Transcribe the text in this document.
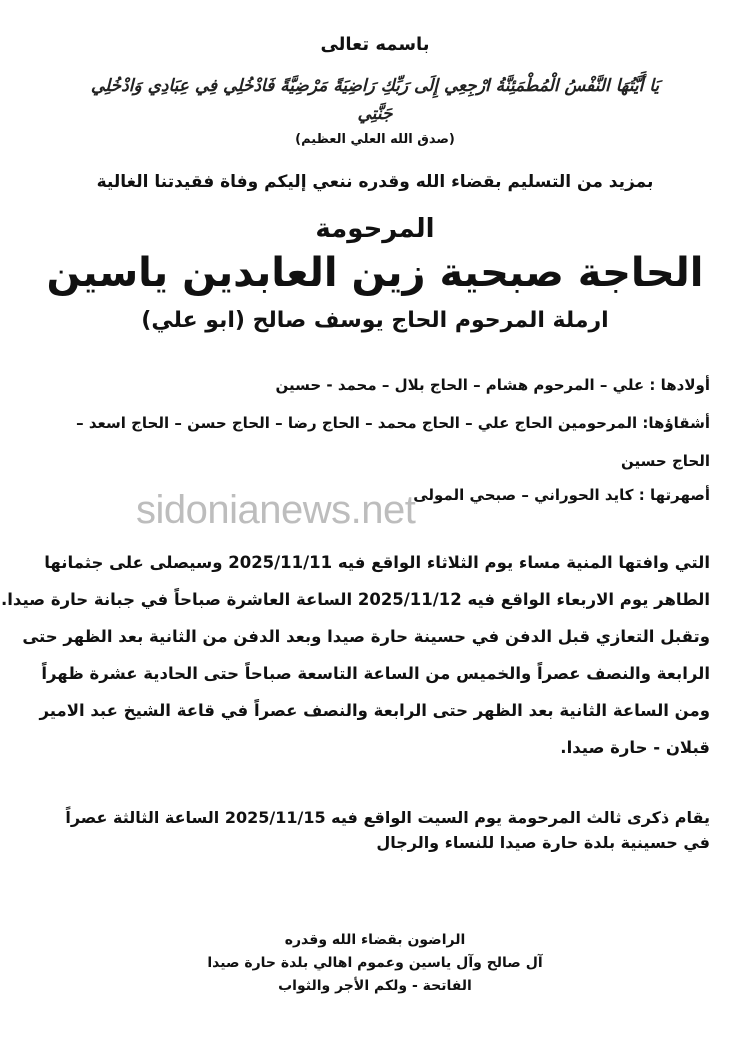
باسمه تعالى
يَا أَيَّتُهَا النَّفْسُ الْمُطْمَئِنَّةُ ارْجِعِي إِلَى رَبِّكِ رَاضِيَةً مَرْضِيَّةً فَادْخُلِي فِي عِبَادِي وَادْخُلِي
جَنَّتِي
(صدق الله العلي العظيم)
بمزيد من التسليم بقضاء الله وقدره ننعي إليكم وفاة فقيدتنا الغالية
المرحومة
الحاجة صبحية زين العابدين ياسين
ارملة المرحوم الحاج يوسف صالح (ابو علي)
أولادها : علي – المرحوم هشام – الحاج بلال – محمد - حسين
أشقاؤها: المرحومين الحاج علي – الحاج محمد – الحاج رضا – الحاج حسن – الحاج اسعد –
الحاج حسين
أصهرتها : كايد الحوراني – صبحي المولى
sidonianews.net
التي وافتها المنية مساء يوم الثلاثاء الواقع فيه 2025/11/11 وسيصلى على جثمانها
الطاهر يوم الاربعاء الواقع فيه 2025/11/12 الساعة العاشرة صباحاً في جبانة حارة صيدا.
وتقبل التعازي قبل الدفن في حسينة حارة صيدا وبعد الدفن من الثانية بعد الظهر حتى
الرابعة والنصف عصراً والخميس من الساعة التاسعة صباحاً حتى الحادية عشرة ظهراً
ومن الساعة الثانية بعد الظهر حتى الرابعة والنصف عصراً في قاعة الشيخ عبد الامير
قبلان - حارة صيدا.
يقام ذكرى ثالث المرحومة يوم السيت الواقع فيه 2025/11/15 الساعة الثالثة عصراً
في حسينية بلدة حارة صيدا للنساء والرجال
الراضون بقضاء الله وقدره
آل صالح وآل ياسين وعموم اهالي بلدة حارة صيدا
الفاتحة - ولكم الأجر والثواب
